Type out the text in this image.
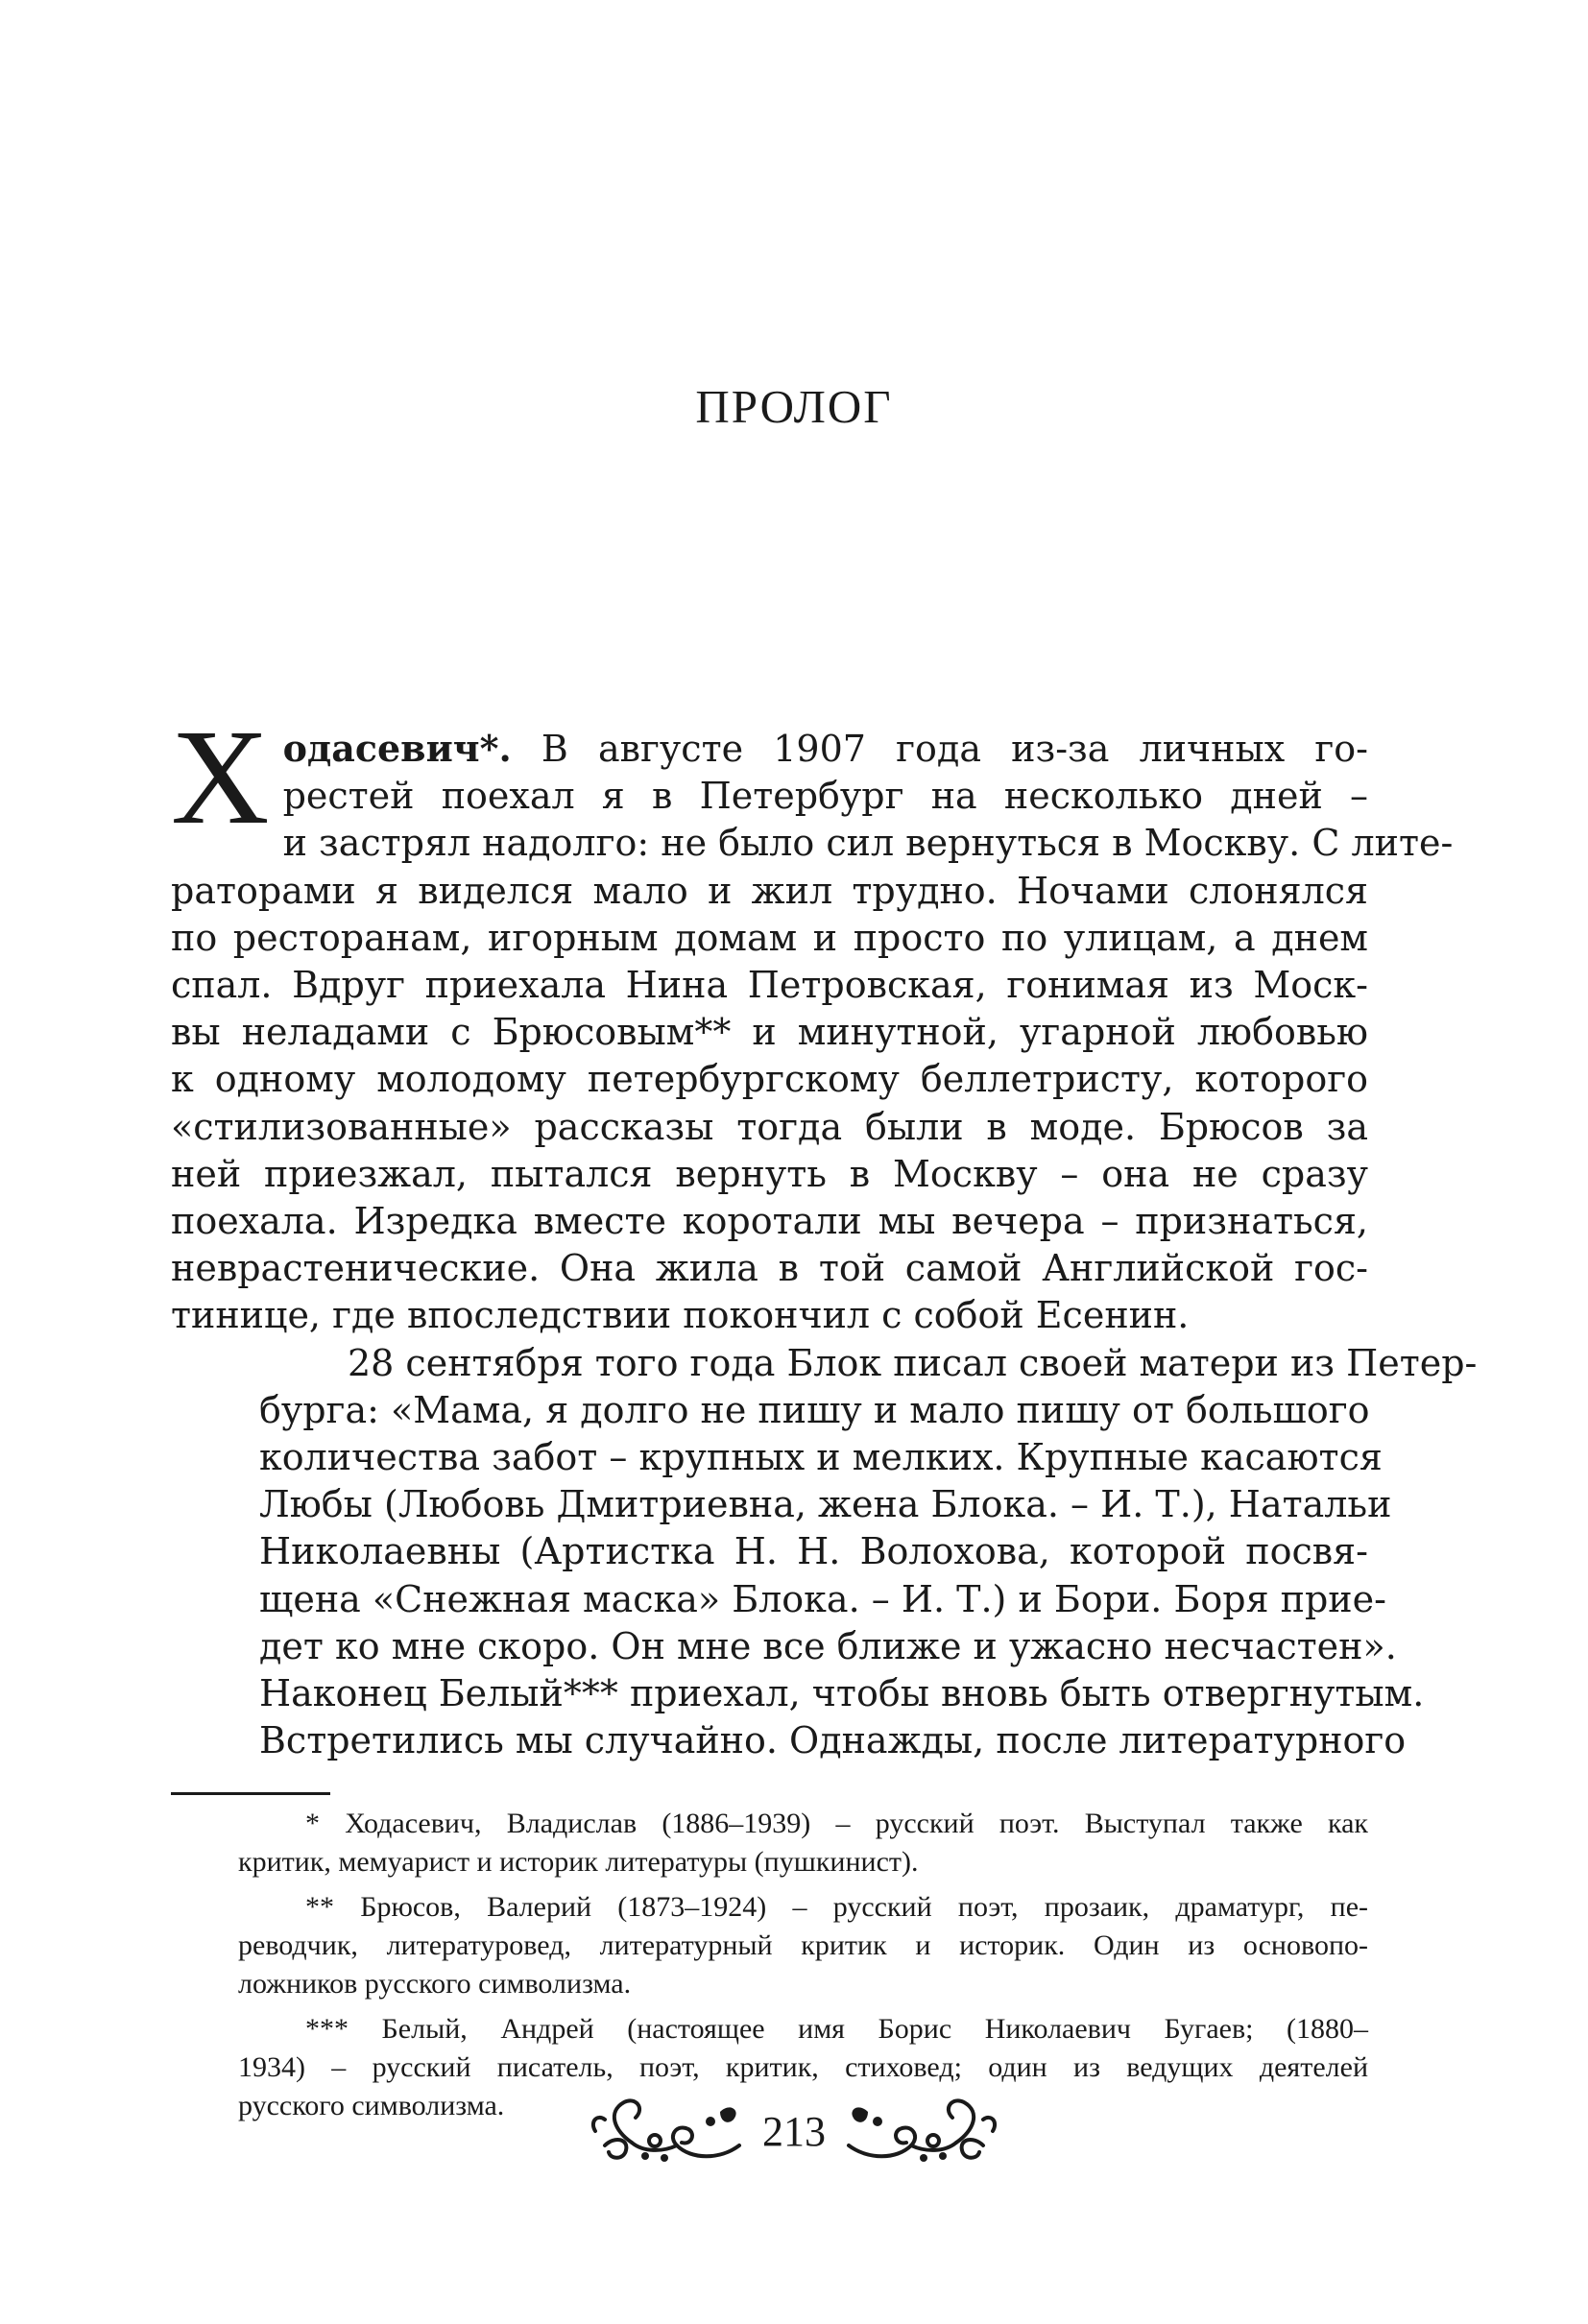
ПРОЛОГ

Х одасевич*. В августе 1907 года из-за личных го-
рестей поехал я в Петербург на несколько дней –
и застрял надолго: не было сил вернуться в Москву. С лите-
раторами я виделся мало и жил трудно. Ночами слонялся
по ресторанам, игорным домам и просто по улицам, а днем
спал. Вдруг приехала Нина Петровская, гонимая из Моск-
вы неладами с Брюсовым** и минутной, угарной любовью
к одному молодому петербургскому беллетристу, которого
«стилизованные» рассказы тогда были в моде. Брюсов за
ней приезжал, пытался вернуть в Москву – она не сразу
поехала. Изредка вместе коротали мы вечера – признаться,
неврастенические. Она жила в той самой Английской гос-
тинице, где впоследствии покончил с собой Есенин.

28 сентября того года Блок писал своей матери из Петер-
бурга: «Мама, я долго не пишу и мало пишу от большого
количества забот – крупных и мелких. Крупные касаются
Любы (Любовь Дмитриевна, жена Блока. – И. Т.), Натальи
Николаевны (Артистка Н. Н. Волохова, которой посвя-
щена «Снежная маска» Блока. – И. Т.) и Бори. Боря прие-
дет ко мне скоро. Он мне все ближе и ужасно несчастен».
Наконец Белый*** приехал, чтобы вновь быть отвергнутым.
Встретились мы случайно. Однажды, после литературного

* Ходасевич, Владислав (1886–1939) – русский поэт. Выступал также как
критик, мемуарист и историк литературы (пушкинист).

** Брюсов, Валерий (1873–1924) – русский поэт, прозаик, драматург, пе-
реводчик, литературовед, литературный критик и историк. Один из основопо-
ложников русского символизма.

*** Белый, Андрей (настоящее имя Борис Николаевич Бугаев; (1880–
1934) – русский писатель, поэт, критик, стиховед; один из ведущих деятелей
русского символизма.

213
